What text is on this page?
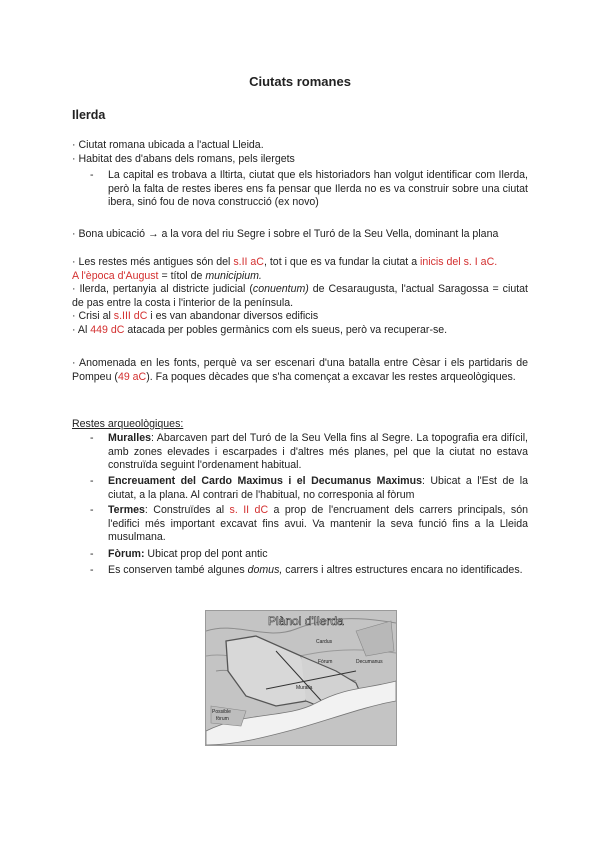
Ciutats romanes
Ilerda
· Ciutat romana ubicada a l'actual Lleida.
· Habitat des d'abans dels romans, pels ilergets
- La capital es trobava a Iltirta, ciutat que els historiadors han volgut identificar com Ilerda, però la falta de restes iberes ens fa pensar que Ilerda no es va construir sobre una ciutat ibera, sinó fou de nova construcció (ex novo)
· Bona ubicació → a la vora del riu Segre i sobre el Turó de la Seu Vella, dominant la plana
· Les restes més antigues són del s.II aC, tot i que es va fundar la ciutat a inicis del s. I aC.
A l'època d'August = títol de municipium.
· Ilerda, pertanyia al districte judicial (conuentum) de Cesaraugusta, l'actual Saragossa = ciutat de pas entre la costa i l'interior de la península.
· Crisi al s.III dC i es van abandonar diversos edificis
· Al 449 dC atacada per pobles germànics com els sueus, però va recuperar-se.
· Anomenada en les fonts, perquè va ser escenari d'una batalla entre Cèsar i els partidaris de Pompeu (49 aC). Fa poques dècades que s'ha començat a excavar les restes arqueològiques.
Restes arqueològiques:
- Muralles: Abarcaven part del Turó de la Seu Vella fins al Segre. La topografia era difícil, amb zones elevades i escarpades i d'altres més planes, pel que la ciutat no estava construïda seguint l'ordenament habitual.
- Encreuament del Cardo Maximus i el Decumanus Maximus: Ubicat a l'Est de la ciutat, a la plana. Al contrari de l'habitual, no corresponia al fòrum
- Termes: Construïdes al s. II dC a prop de l'encruament dels carrers principals, són l'edifici més important excavat fins avui. Va mantenir la seva funció fins a la Lleida musulmana.
- Fòrum: Ubicat prop del pont antic
- Es conserven també algunes domus, carrers i altres estructures encara no identificades.
Plànol d'Ilerda
Cardus
Fòrum	Decumanus
Muralla
Possible
fòrum
